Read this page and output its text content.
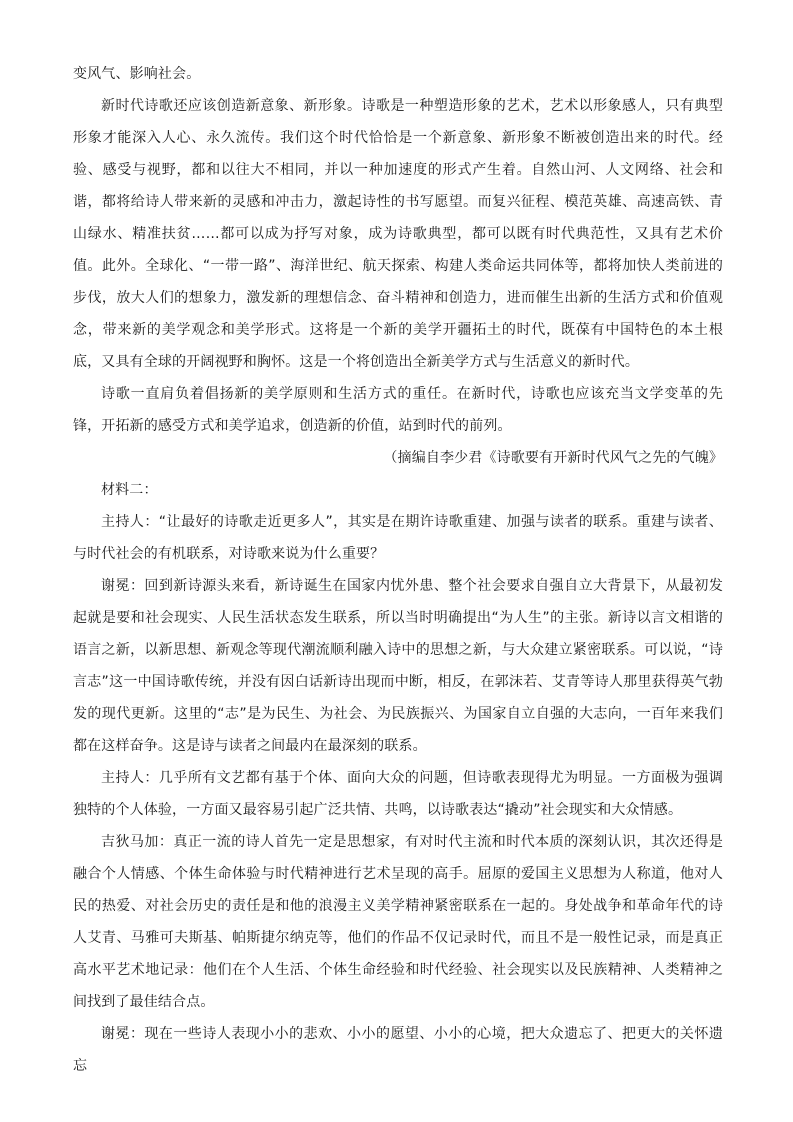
变风气、影响社会。

新时代诗歌还应该创造新意象、新形象。诗歌是一种塑造形象的艺术，艺术以形象感人，只有典型形象才能深入人心、永久流传。我们这个时代恰恰是一个新意象、新形象不断被创造出来的时代。经验、感受与视野，都和以往大不相同，并以一种加速度的形式产生着。自然山河、人文网络、社会和谐，都将给诗人带来新的灵感和冲击力，激起诗性的书写愿望。而复兴征程、模范英雄、高速高铁、青山绿水、精准扶贫……都可以成为抒写对象，成为诗歌典型，都可以既有时代典范性，又具有艺术价值。此外。全球化、“一带一路”、海洋世纪、航天探索、构建人类命运共同体等，都将加快人类前进的步伐，放大人们的想象力，激发新的理想信念、奋斗精神和创造力，进而催生出新的生活方式和价值观念，带来新的美学观念和美学形式。这将是一个新的美学开疆拓土的时代，既葆有中国特色的本土根底，又具有全球的开阔视野和胸怀。这是一个将创造出全新美学方式与生活意义的新时代。

诗歌一直肩负着倡扬新的美学原则和生活方式的重任。在新时代，诗歌也应该充当文学变革的先锋，开拓新的感受方式和美学追求，创造新的价值，站到时代的前列。

（摘编自李少君《诗歌要有开新时代风气之先的气魄》

材料二：

主持人：“让最好的诗歌走近更多人”，其实是在期许诗歌重建、加强与读者的联系。重建与读者、与时代社会的有机联系，对诗歌来说为什么重要？

谢冕：回到新诗源头来看，新诗诞生在国家内忧外患、整个社会要求自强自立大背景下，从最初发起就是要和社会现实、人民生活状态发生联系，所以当时明确提出“为人生”的主张。新诗以言文相谐的语言之新，以新思想、新观念等现代潮流顺利融入诗中的思想之新，与大众建立紧密联系。可以说，“诗言志”这一中国诗歌传统，并没有因白话新诗出现而中断，相反，在郭沫若、艾青等诗人那里获得英气勃发的现代更新。这里的“志”是为民生、为社会、为民族振兴、为国家自立自强的大志向，一百年来我们都在这样奋争。这是诗与读者之间最内在最深刻的联系。

主持人：几乎所有文艺都有基于个体、面向大众的问题，但诗歌表现得尤为明显。一方面极为强调独特的个人体验，一方面又最容易引起广泛共情、共鸣，以诗歌表达“撬动”社会现实和大众情感。

吉狄马加：真正一流的诗人首先一定是思想家，有对时代主流和时代本质的深刻认识，其次还得是融合个人情感、个体生命体验与时代精神进行艺术呈现的高手。屈原的爱国主义思想为人称道，他对人民的热爱、对社会历史的责任是和他的浪漫主义美学精神紧密联系在一起的。身处战争和革命年代的诗人艾青、马雅可夫斯基、帕斯捷尔纳克等，他们的作品不仅记录时代，而且不是一般性记录，而是真正高水平艺术地记录：他们在个人生活、个体生命经验和时代经验、社会现实以及民族精神、人类精神之间找到了最佳结合点。

谢冕：现在一些诗人表现小小的悲欢、小小的愿望、小小的心境，把大众遗忘了、把更大的关怀遗忘
